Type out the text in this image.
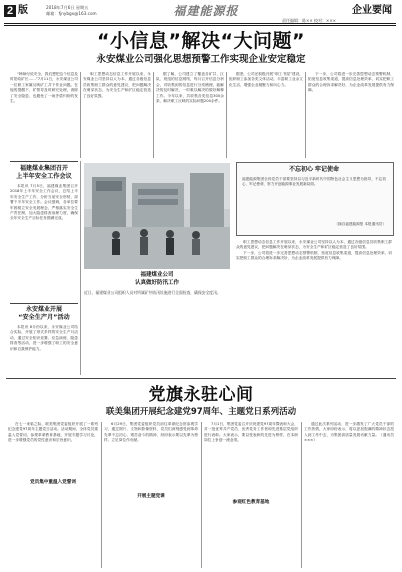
2 版	2018年7月6日 星期五
邮箱：fjnybgx@163.com	福建能源报	企业要闻
责任编辑：陈×× 校对：×××
“小信息”解决“大问题”
永安煤业公司强化思想预警工作实现企业安定稳定

“韩师付说安全，我们想把这个信息及时报给矿长……”7月11日，永安煤业公司一位职工家属反映矿工井下作业问题。在他的提醒下，矿领导及时研究处理，消除了安全隐患，也避免了一场矛盾纠纷的发生。

职工思想动态信息工作开展以来，永安煤业公司坚持以人为本，通过各级信息员收集职工群众的意见建议，把问题解决在萌芽状态，为安全生产和矿区稳定营造了良好氛围。

据了解，公司建立了覆盖各矿井、区队、班组的信息网络，每月召开信息分析会，对收集到的信息进行分类梳理，能解决的及时解决，一时难以解决的做好解释工作。今年以来，共收集各类信息300余条，解决职工反映的实际问题200余件。

据悉，公司还积极开展“职工书屋”建设，组织职工参加各类文体活动，丰富职工业余文化生活，增强企业凝聚力和向心力。

下一步，公司将进一步完善思想动态预警机制，拓宽信息收集渠道，提高信息处理效率，切实把职工群众的合理诉求解决好，为企业改革发展提供有力保障。

福建煤业集团召开
上半年安全工作会议

本报讯 7月5日，福建煤业集团召开2018年上半年安全工作会议，总结上半年安全生产工作，分析当前安全形势，部署下半年安全工作。会议强调，各单位要牢固树立安全发展理念，严格落实安全生产责任制，加大隐患排查治理力度，确保全年安全生产目标任务圆满完成。

永安煤业开展
“安全生产月”活动

本报讯 6月份以来，永安煤业公司结合实际，开展了形式多样的安全生产月活动，通过安全知识竞赛、应急演练、隐患排查等活动，进一步增强了职工的安全意识和自我保护能力。

福建煤业公司
认真做好防汛工作
近日，福建煤业公司组织人员对所属矿井防汛设施进行全面检查，确保安全度汛。
不忘初心 牢记使命
福建能源集团全体党员干部要坚持以习近平新时代中国特色社会主义思想为指导，不忘初心、牢记使命，努力开创能源事业发展新局面。
（摘自福建能源报 本报通讯员）

职工思想动态信息工作开展以来，永安煤业公司坚持以人为本，通过各级信息员收集职工群众的意见建议，把问题解决在萌芽状态，为安全生产和矿区稳定营造了良好氛围。

下一步，公司将进一步完善思想动态预警机制，拓宽信息收集渠道，提高信息处理效率，切实把职工群众的合理诉求解决好，为企业改革发展提供有力保障。

党旗永驻心间
联美集团开展纪念建党97周年、主题党日系列活动

在七一来临之际，联美集团党委组织开展了一系列纪念建党97周年主题党日活动。活动期间，全体党员重温入党誓词，参观革命教育基地，开展专题学习讨论，进一步增强党员的党性意识和宗旨意识。

党员集中重温入党誓词

6月29日，集团党委组织党员前往革命纪念馆参观学习，通过图片、文物和影像资料，党员们深刻感受到革命先辈不忘初心、艰苦奋斗的精神，纷纷表示要以先辈为榜样，立足岗位作贡献。

开展主题党课

7月1日，集团党委召开庆祝建党97周年暨表彰大会，对一批优秀共产党员、优秀党务工作者和先进基层党组织进行表彰。大家表示，要以受表彰的先进为榜样，在本职岗位上争创一流业绩。

参观红色教育基地

通过此次系列活动，进一步激发了广大党员干部的工作热情，大家纷纷表示，将以更加饱满的精神状态投入到工作中去，为集团高质量发展贡献力量。（通讯员 ×××）
